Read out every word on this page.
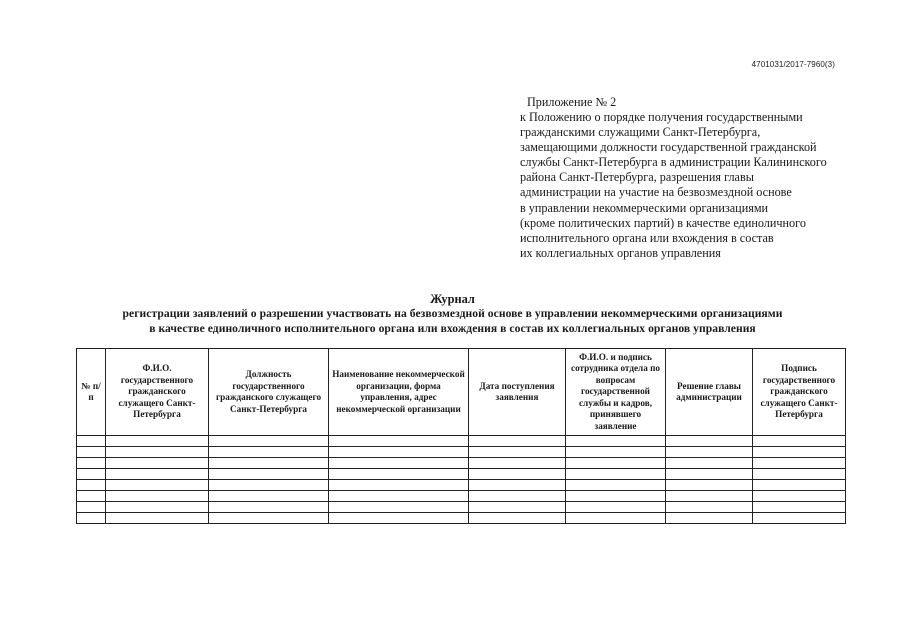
4701031/2017-7960(3)
Приложение № 2
к Положению о порядке получения государственными
гражданскими служащими Санкт-Петербурга,
замещающими должности государственной гражданской
службы Санкт-Петербурга в администрации Калининского
района Санкт-Петербурга, разрешения главы
администрации на участие на безвозмездной основе
в управлении некоммерческими организациями
(кроме политических партий) в качестве единоличного
исполнительного органа или вхождения в состав
их коллегиальных органов управления
Журнал
регистрации заявлений о разрешении участвовать на безвозмездной основе в управлении некоммерческими организациями
в качестве единоличного исполнительного органа или вхождения в состав их коллегиальных органов управления
№ п/п	Ф.И.О. государственного гражданского служащего Санкт-Петербурга	Должность государственного гражданского служащего Санкт-Петербурга	Наименование некоммерческой организации, форма управления, адрес некоммерческой организации	Дата поступления заявления	Ф.И.О. и подпись сотрудника отдела по вопросам государственной службы и кадров, принявшего заявление	Решение главы администрации	Подпись государственного гражданского служащего Санкт-Петербурга
